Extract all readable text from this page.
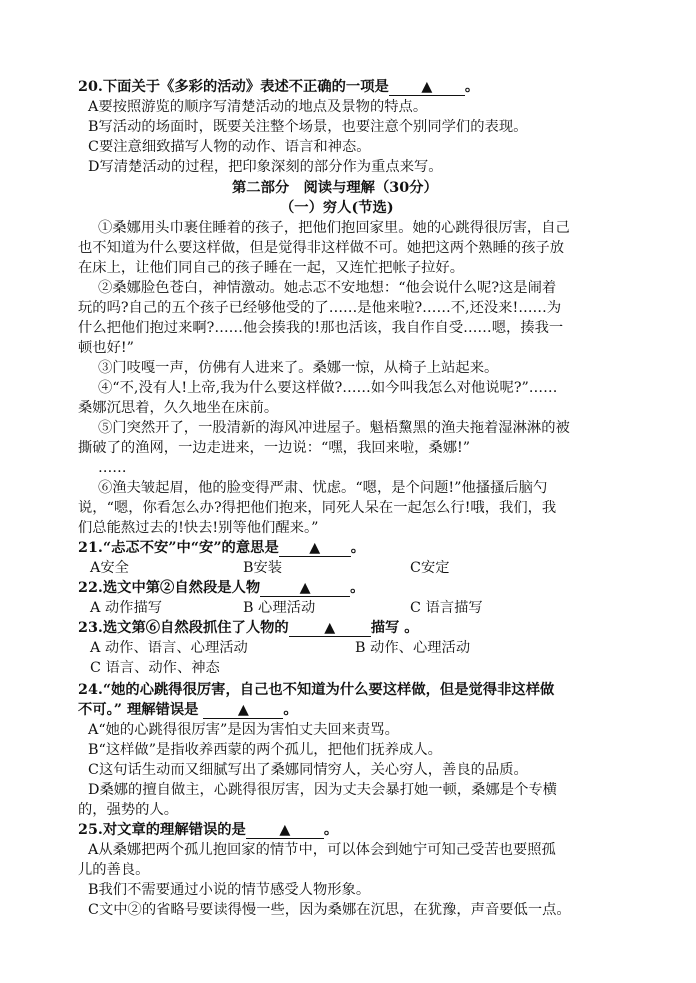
20.下面关于《多彩的活动》表述不正确的一项是 ▲ 。
A要按照游览的顺序写清楚活动的地点及景物的特点。
B写活动的场面时，既要关注整个场景，也要注意个别同学们的表现。
C要注意细致描写人物的动作、语言和神态。
D写清楚活动的过程，把印象深刻的部分作为重点来写。
第二部分　阅读与理解（30分）
（一）穷人(节选)
①桑娜用头巾裹住睡着的孩子，把他们抱回家里。她的心跳得很厉害，自己
也不知道为什么要这样做，但是觉得非这样做不可。她把这两个熟睡的孩子放
在床上，让他们同自己的孩子睡在一起，又连忙把帐子拉好。
②桑娜脸色苍白，神情激动。她忐忑不安地想：“他会说什么呢?这是闹着
玩的吗?自己的五个孩子已经够他受的了……是他来啦?……不,还没来!……为
什么把他们抱过来啊?……他会揍我的!那也活该，我自作自受……嗯，揍我一
顿也好!”
③门吱嘎一声，仿佛有人进来了。桑娜一惊，从椅子上站起来。
④“不,没有人!上帝,我为什么要这样做?……如今叫我怎么对他说呢?”……
桑娜沉思着，久久地坐在床前。
⑤门突然开了，一股清新的海风冲进屋子。魁梧黧黑的渔夫拖着湿淋淋的被
撕破了的渔网，一边走进来，一边说：“嘿，我回来啦，桑娜!”
……
⑥渔夫皱起眉，他的脸变得严肃、忧虑。“嗯，是个问题!”他搔搔后脑勺
说，“嗯，你看怎么办?得把他们抱来，同死人呆在一起怎么行!哦，我们，我
们总能熬过去的!快去!别等他们醒来。”
21.“忐忑不安”中“安”的意思是 ▲ 。
A安全	B安装	C安定
22.选文中第②自然段是人物	▲	。
A 动作描写	B 心理活动	C 语言描写
23.选文第⑥自然段抓住了人物的 ▲ 描写 。
A 动作、语言、心理活动	B 动作、心理活动
C 语言、动作、神态
24.“她的心跳得很厉害，自己也不知道为什么要这样做，但是觉得非这样做
不可。” 理解错误是 ▲ 。
A“她的心跳得很厉害”是因为害怕丈夫回来责骂。
B“这样做”是指收养西蒙的两个孤儿，把他们抚养成人。
C这句话生动而又细腻写出了桑娜同情穷人，关心穷人，善良的品质。
D桑娜的擅自做主，心跳得很厉害，因为丈夫会暴打她一顿，桑娜是个专横
的，强势的人。
25.对文章的理解错误的是 ▲ 。
A从桑娜把两个孤儿抱回家的情节中，可以体会到她宁可知己受苦也要照孤
儿的善良。
B我们不需要通过小说的情节感受人物形象。
C文中②的省略号要读得慢一些，因为桑娜在沉思，在犹豫，声音要低一点。
